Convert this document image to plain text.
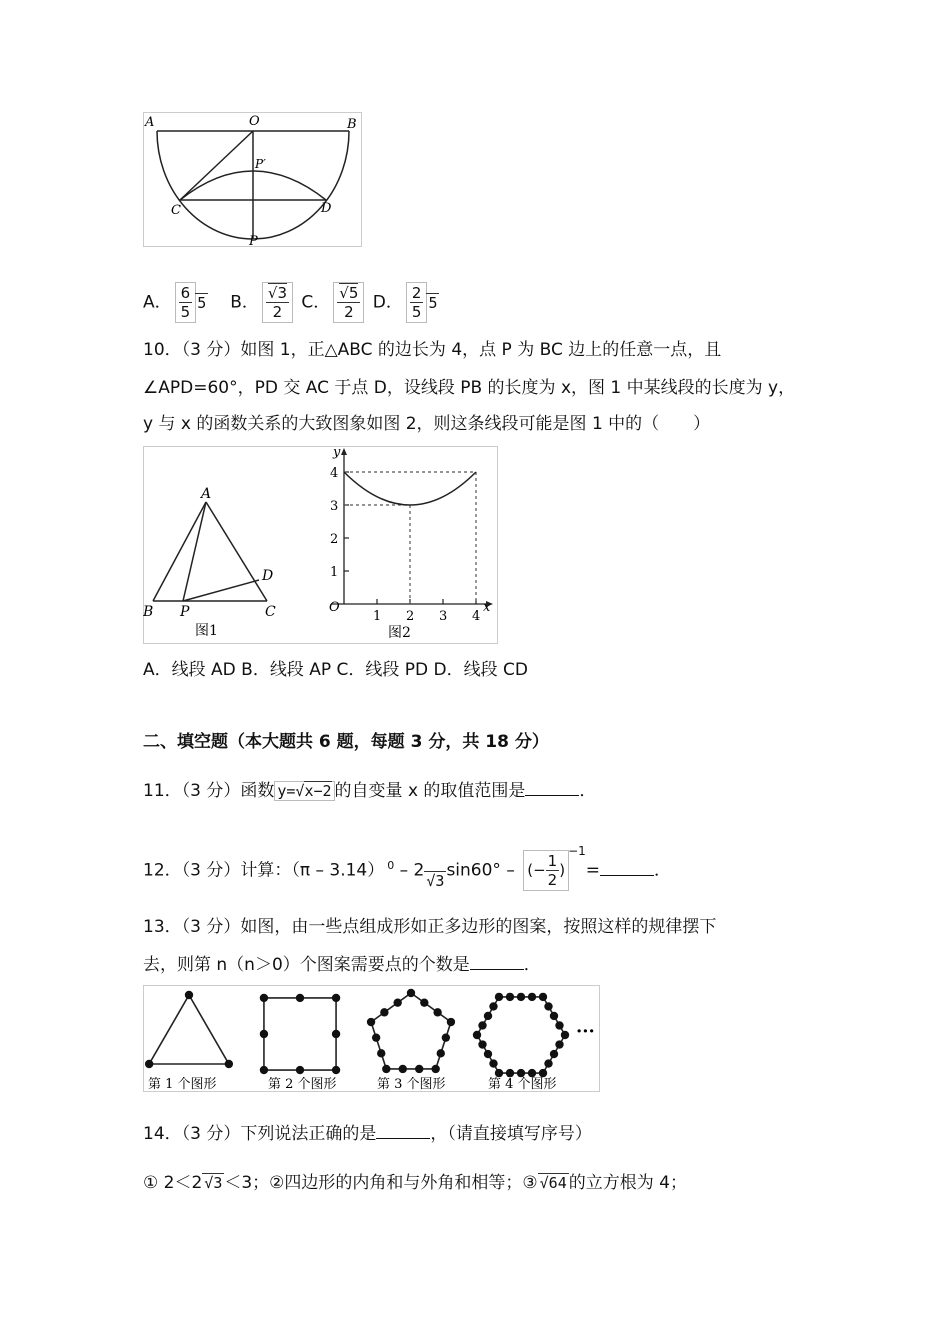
A	O	B
P′
C	D
P
A． $\frac{6}{5} 5$ B． $\frac{√3}{2}$ C． $\frac{√5}{2}$ D． $\frac{2}{5} 5$
10．（3 分）如图 1，正△ABC 的边长为 4，点 P 为 BC 边上的任意一点，且
∠APD=60°，PD 交 AC 于点 D，设线段 PB 的长度为 x，图 1 中某线段的长度为 y，
y 与 x 的函数关系的大致图象如图 2，则这条线段可能是图 1 中的（　　）
A
B P	C
D
图1
y
x
O
图2
1
2
3
4
1 2 3 4
A．线段 AD B．线段 AP C．线段 PD D．线段 CD
二、填空题（本大题共 6 题，每题 3 分，共 18 分）
11．（3 分）函数 y=√x−2 的自变量 x 的取值范围是	．
12．（3 分）计算：（π – 3.14） $^0$ – 2 √3 sin60° – (− $\frac{1}{2} )^{-1}=$	．
13．（3 分）如图，由一些点组成形如正多边形的图案，按照这样的规律摆下
去，则第 n（n＞0）个图案需要点的个数是	．
第 1 个图形	第 2 个图形	第 3 个图形	第 4 个图形
···
14．（3 分）下列说法正确的是	，（请直接填写序号）
① 2＜2 √3 ＜3；②四边形的内角和与外角和相等；③ √64 的立方根为 4；
